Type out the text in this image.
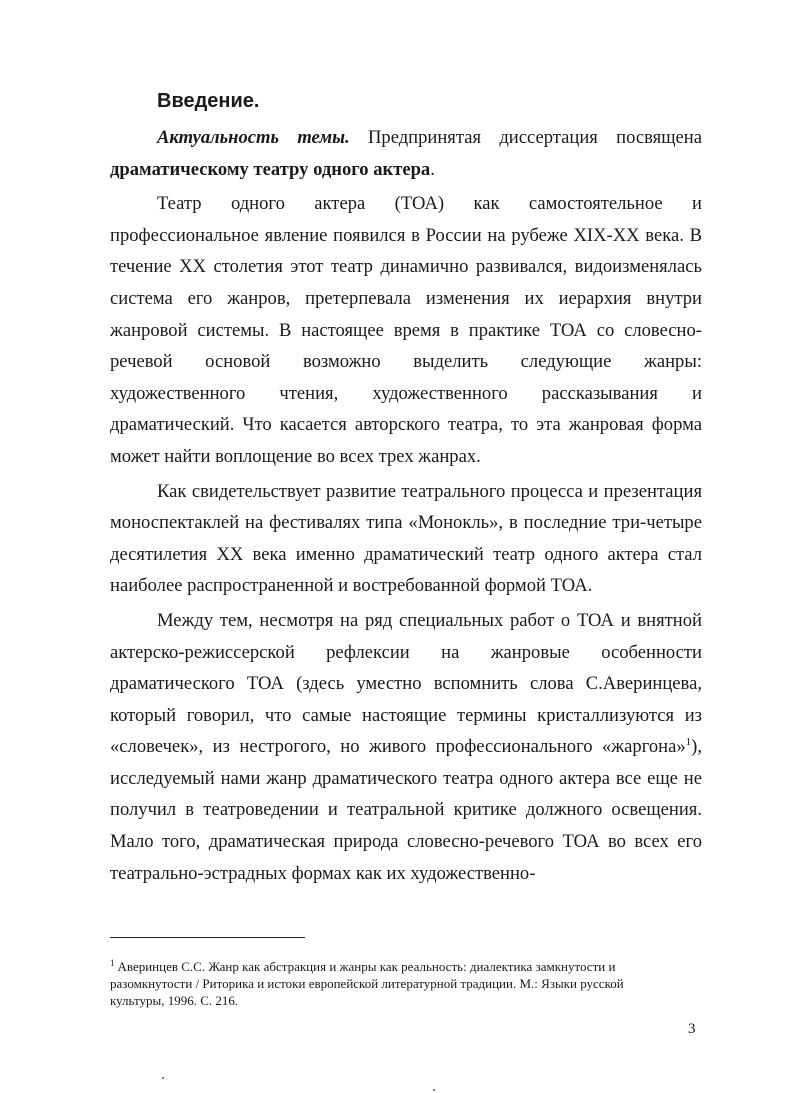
Введение.

Актуальность темы. Предпринятая диссертация посвящена драматическому театру одного актера.

Театр одного актера (ТОА) как самостоятельное и профессиональное явление появился в России на рубеже XIX-XX века. В течение XX столетия этот театр динамично развивался, видоизменялась система его жанров, претерпевала изменения их иерархия внутри жанровой системы. В настоящее время в практике ТОА со словесно-речевой основой возможно выделить следующие жанры: художественного чтения, художественного рассказывания и драматический. Что касается авторского театра, то эта жанровая форма может найти воплощение во всех трех жанрах.

Как свидетельствует развитие театрального процесса и презентация моноспектаклей на фестивалях типа «Монокль», в последние три-четыре десятилетия XX века именно драматический театр одного актера стал наиболее распространенной и востребованной формой ТОА.

Между тем, несмотря на ряд специальных работ о ТОА и внятной актерско-режиссерской рефлексии на жанровые особенности драматического ТОА (здесь уместно вспомнить слова С.Аверинцева, который говорил, что самые настоящие термины кристаллизуются из «словечек», из нестрогого, но живого профессионального «жаргона»$^1$), исследуемый нами жанр драматического театра одного актера все еще не получил в театроведении и театральной критике должного освещения. Мало того, драматическая природа словесно-речевого ТОА во всех его театрально-эстрадных формах как их художественно-

$^1$ Аверинцев С.С. Жанр как абстракция и жанры как реальность: диалектика замкнутости и разомкнутости / Риторика и истоки европейской литературной традиции. М.: Языки русской культуры, 1996. С. 216.
3
